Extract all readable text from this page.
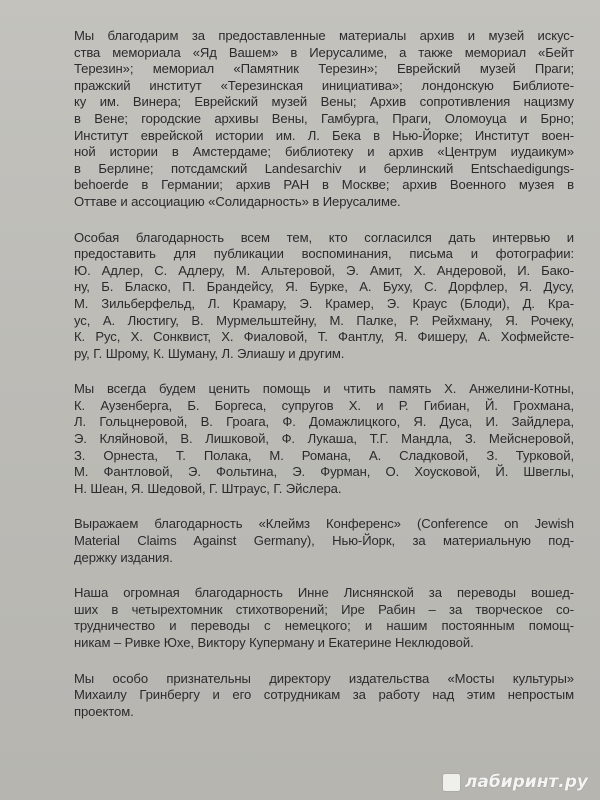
Мы благодарим за предоставленные материалы архив и музей искус-
ства мемориала «Яд Вашем» в Иерусалиме, а также мемориал «Бейт
Терезин»; мемориал «Памятник Терезин»; Еврейский музей Праги;
пражский институт «Терезинская инициатива»; лондонскую Библиоте-
ку им. Винера; Еврейский музей Вены; Архив сопротивления нацизму
в Вене; городские архивы Вены, Гамбурга, Праги, Оломоуца и Брно;
Институт еврейской истории им. Л. Бека в Нью-Йорке; Институт воен-
ной истории в Амстердаме; библиотеку и архив «Центрум иудаикум»
в Берлине; потсдамский Landesarchiv и берлинский Entschaedigungs-
behoerde в Германии; архив РАН в Москве; архив Военного музея в
Оттаве и ассоциацию «Солидарность» в Иерусалиме.
Особая благодарность всем тем, кто согласился дать интервью и
предоставить для публикации воспоминания, письма и фотографии:
Ю. Адлер, С. Адлеру, М. Альтеровой, Э. Амит, Х. Андеровой, И. Бако-
ну, Б. Бласко, П. Брандейсу, Я. Бурке, А. Буху, С. Дорфлер, Я. Дусу,
М. Зильберфельд, Л. Крамару, Э. Крамер, Э. Краус (Блоди), Д. Кра-
ус, А. Люстигу, В. Мурмельштейну, М. Палке, Р. Рейхману, Я. Рочеку,
К. Рус, Х. Сонквист, Х. Фиаловой, Т. Фантлу, Я. Фишеру, А. Хофмейсте-
ру, Г. Шрому, К. Шуману, Л. Элиашу и другим.
Мы всегда будем ценить помощь и чтить память Х. Анжелини-Котны,
К. Аузенберга, Б. Боргеса, супругов Х. и Р. Гибиан, Й. Грохмана,
Л. Гольцнеровой, В. Гроага, Ф. Домажлицкого, Я. Дуса, И. Зайдлера,
Э. Кляйновой, В. Лишковой, Ф. Лукаша, Т.Г. Мандла, З. Мейснеровой,
З. Орнеста, Т. Полака, М. Романа, А. Сладковой, З. Турковой,
М. Фантловой, Э. Фольтина, Э. Фурман, О. Хоусковой, Й. Швеглы,
Н. Шеан, Я. Шедовой, Г. Штраус, Г. Эйслера.
Выражаем благодарность «Клеймз Конференс» (Conference on Jewish
Material Claims Against Germany), Нью-Йорк, за материальную под-
держку издания.
Наша огромная благодарность Инне Лиснянской за переводы вошед-
ших в четырехтомник стихотворений; Ире Рабин – за творческое со-
трудничество и переводы с немецкого; и нашим постоянным помощ-
никам – Ривке Юхе, Виктору Куперману и Екатерине Неклюдовой.
Мы особо признательны директору издательства «Мосты культуры»
Михаилу Гринбергу и его сотрудникам за работу над этим непростым
проектом.
лабиринт.ру
